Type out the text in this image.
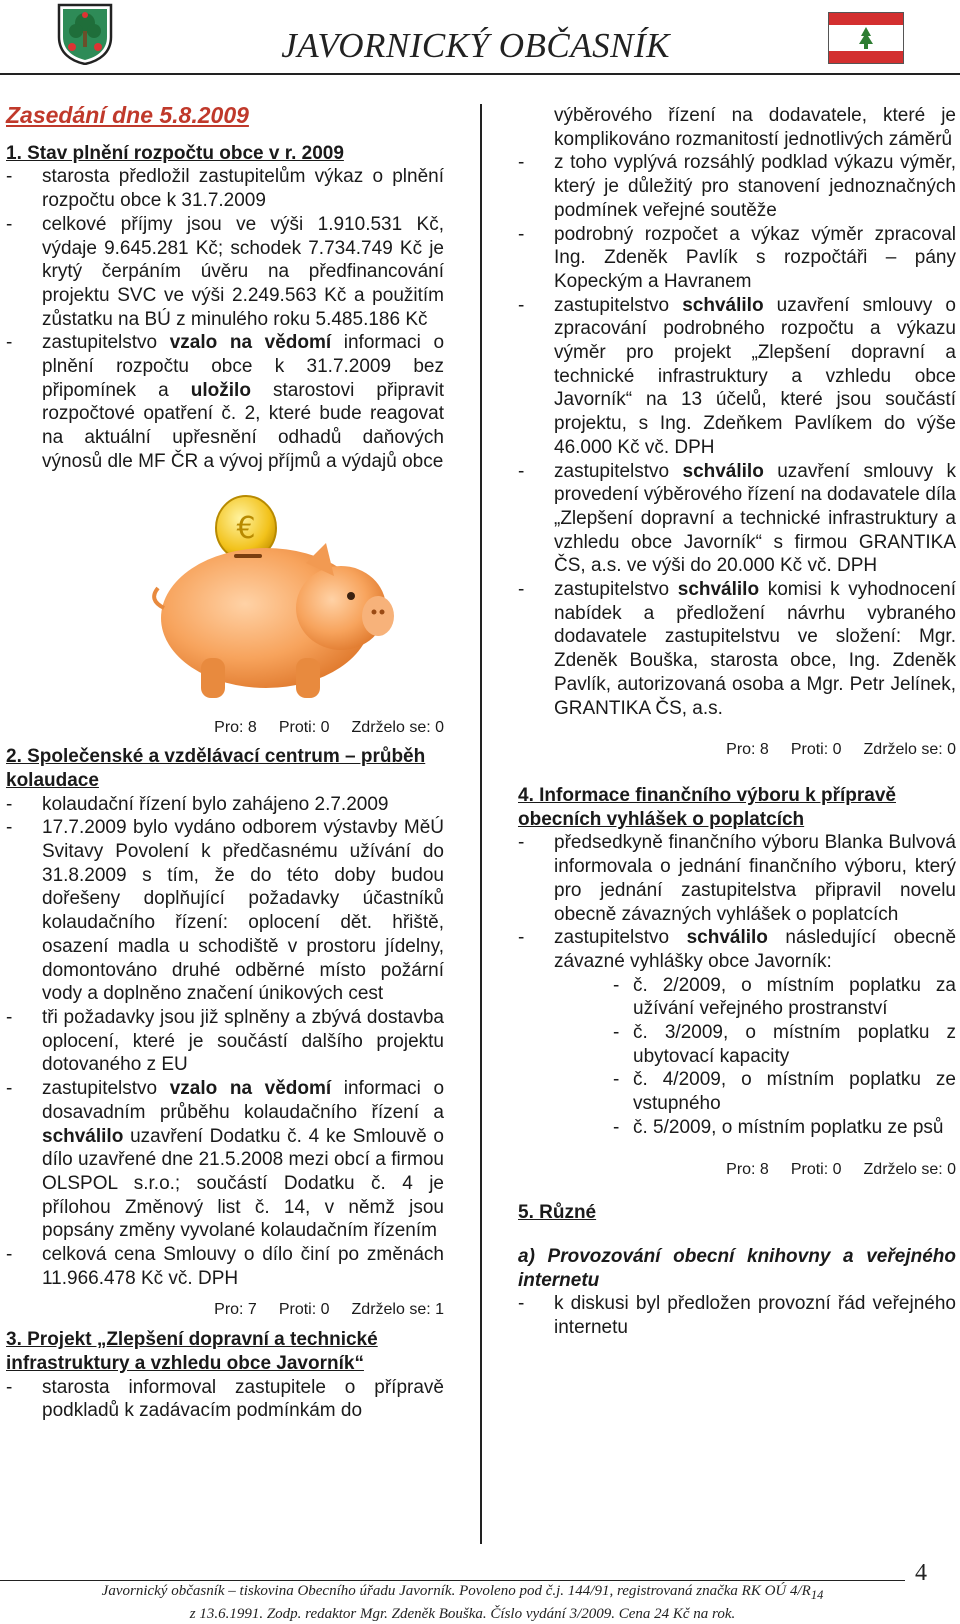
JAVORNICKÝ OBČASNÍK

Zasedání dne 5.8.2009

1. Stav plnění rozpočtu obce v r. 2009

-	starosta předložil zastupitelům výkaz o plnění rozpočtu obce k 31.7.2009
-	celkové příjmy jsou ve výši 1.910.531 Kč, výdaje 9.645.281 Kč; schodek 7.734.749 Kč je krytý čerpáním úvěru na předfinancování projektu SVC ve výši 2.249.563 Kč a použitím zůstatku na BÚ z minulého roku 5.485.186 Kč
-	zastupitelstvo vzalo na vědomí informaci o plnění rozpočtu obce k 31.7.2009 bez připomínek a uložilo starostovi připravit rozpočtové opatření č. 2, které bude reagovat na aktuální upřesnění odhadů daňových výnosů dle MF ČR a vývoj příjmů a výdajů obce
€
Pro: 8 Proti: 0 Zdrželo se: 0

2. Společenské a vzdělávací centrum – průběh kolaudace

-	kolaudační řízení bylo zahájeno 2.7.2009
-	17.7.2009 bylo vydáno odborem výstavby MěÚ Svitavy Povolení k předčasnému užívání do 31.8.2009 s tím, že do této doby budou dořešeny doplňující požadavky účastníků kolaudačního řízení: oplocení dět. hřiště, osazení madla u schodiště v prostoru jídelny, domontováno druhé odběrné místo požární vody a doplněno značení únikových cest
-	tři požadavky jsou již splněny a zbývá dostavba oplocení, které je součástí dalšího projektu dotovaného z EU
-	zastupitelstvo vzalo na vědomí informaci o dosavadním průběhu kolaudačního řízení a schválilo uzavření Dodatku č. 4 ke Smlouvě o dílo uzavřené dne 21.5.2008 mezi obcí a firmou OLSPOL s.r.o.; součástí Dodatku č. 4 je přílohou Změnový list č. 14, v němž jsou popsány změny vyvolané kolaudačním řízením
-	celková cena Smlouvy o dílo činí po změnách 11.966.478 Kč vč. DPH
Pro: 7 Proti: 0 Zdrželo se: 1

3. Projekt „Zlepšení dopravní a technické infrastruktury a vzhledu obce Javorník“

-	starosta informoval zastupitele o přípravě podkladů k zadávacím podmínkám do
výběrového řízení na dodavatele, které je komplikováno rozmanitostí jednotlivých záměrů
-	z toho vyplývá rozsáhlý podklad výkazu výměr, který je důležitý pro stanovení jednoznačných podmínek veřejné soutěže
-	podrobný rozpočet a výkaz výměr zpracoval Ing. Zdeněk Pavlík s rozpočtáři – pány Kopeckým a Havranem
-	zastupitelstvo schválilo uzavření smlouvy o zpracování podrobného rozpočtu a výkazu výměr pro projekt „Zlepšení dopravní a technické infrastruktury a vzhledu obce Javorník“ na 13 účelů, které jsou součástí projektu, s Ing. Zdeňkem Pavlíkem do výše 46.000 Kč vč. DPH
-	zastupitelstvo schválilo uzavření smlouvy k provedení výběrového řízení na dodavatele díla „Zlepšení dopravní a technické infrastruktury a vzhledu obce Javorník“ s firmou GRANTIKA ČS, a.s. ve výši do 20.000 Kč vč. DPH
-	zastupitelstvo schválilo komisi k vyhodnocení nabídek a předložení návrhu vybraného dodavatele zastupitelstvu ve složení: Mgr. Zdeněk Bouška, starosta obce, Ing. Zdeněk Pavlík, autorizovaná osoba a Mgr. Petr Jelínek, GRANTIKA ČS, a.s.
Pro: 8 Proti: 0 Zdrželo se: 0

4. Informace finančního výboru k přípravě obecních vyhlášek o poplatcích

-	předsedkyně finančního výboru Blanka Bulvová informovala o jednání finančního výboru, který pro jednání zastupitelstva připravil novelu obecně závazných vyhlášek o poplatcích
-	zastupitelstvo schválilo následující obecně závazné vyhlášky obce Javorník:
- č. 2/2009, o místním poplatku za užívání veřejného prostranství
- č. 3/2009, o místním poplatku z ubytovací kapacity
- č. 4/2009, o místním poplatku ze vstupného
- č. 5/2009, o místním poplatku ze psů
Pro: 8 Proti: 0 Zdrželo se: 0

5. Různé

a) Provozování obecní knihovny a veřejného internetu

-	k diskusi byl předložen provozní řád veřejného internetu
4
Javornický občasník – tiskovina Obecního úřadu Javorník. Povoleno pod č.j. 144/91, registrovaná značka RK OÚ $4/R_{14}$
z 13.6.1991. Zodp. redaktor Mgr. Zdeněk Bouška. Číslo vydání 3/2009. Cena 24 Kč na rok.
